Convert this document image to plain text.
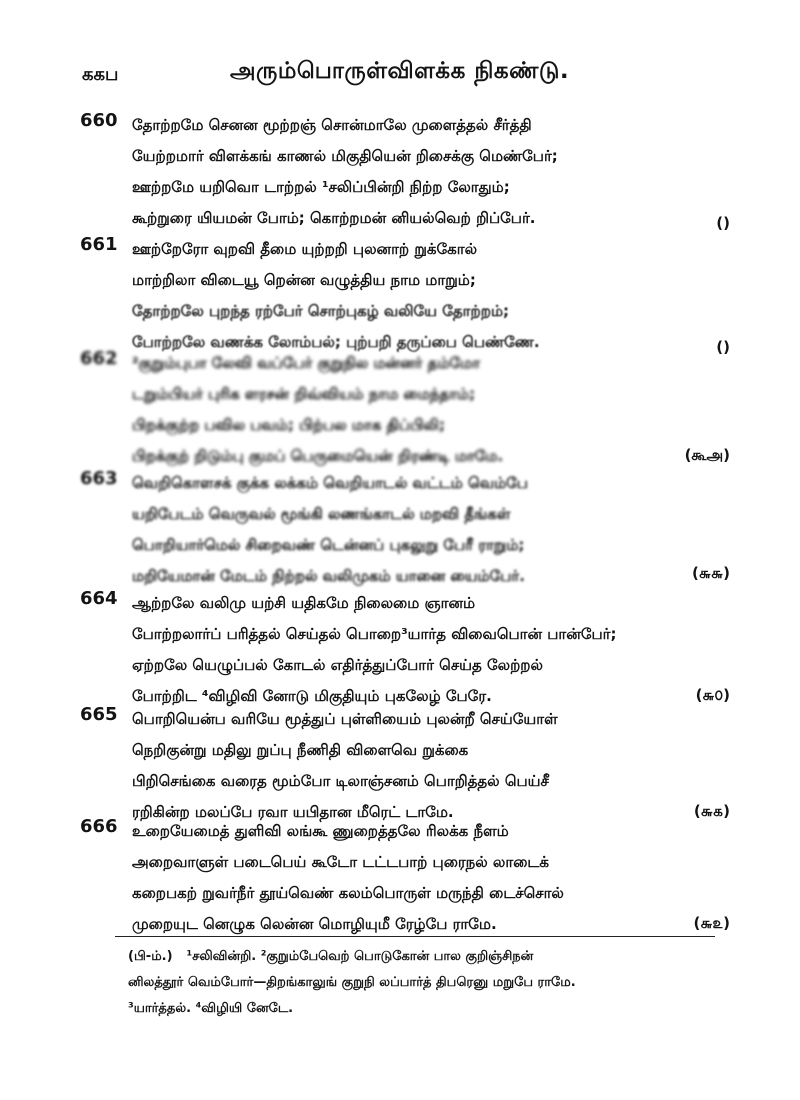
ககப	அரும்பொருள்விளக்க நிகண்டு.
660 தோற்றமே செனன மூற்றஞ் சொன்மாலே முளைத்தல் சீர்த்தி
யேற்றமார் விளக்கங் காணல் மிகுதியென் றிசைக்கு மெண்பேர்;
ஊற்றமே யறிவொ டாற்றல் ¹சலிப்பின்றி நிற்ற லோதும்;
கூற்றுரை யியமன் போம்; கொற்றமன் னியல்வெற் றிப்பேர்.	()
661 ஊற்றேரோ வுறவி தீமை யுற்றறி புலனாற் றுக்கோல்
மாற்றிலா விடையூ றென்ன வழுத்திய நாம மாறும்;
தோற்றலே புறந்த ரற்பேர் சொற்புகழ் வலியே தோற்றம்;
போற்றலே வணக்க லோம்பல்; புற்பறி தருப்பை பெண்ணே.	()
662 ²குறும்புபா லேவி வப்பேர் குறுநில மன்னர் தம்மோ
டறும்பியர் புரிக ளரசன் றிவ்வியம் நாம மைந்தாம்;
பிறக்குற்ற பவில பவம்; பிற்பல மாக திப்பிலி;
பிறக்குற் றிடும்பு குமப் பெருமையென் றிரண்டி மாமே.	(கூஅ)
663 வெறிகொளசக் குக்க லக்கம் வெறியாடல் வட்டம் வெம்பே
யறிபேடம் வெருவல் மூங்கி லணங்காடல் மறவி தீங்கள்
பொறியார்மெல் சிறைவண் டென்னப் புகலுறு பேரீ ராறும்;
மறியேமான் மேடம் நிற்றல் வலிமுகம் யானை யைம்பேர்.	(௬௬)
664 ஆற்றலே வலிமு யற்சி யதிகமே நிலைமை ஞானம்
போற்றலார்ப் பரித்தல் செய்தல் பொறை³யார்த விவைபொன் பான்பேர்;
ஏற்றலே யெழுப்பல் கோடல் எதிர்த்துப்போர் செய்த லேற்றல்
போற்றிட ⁴விழிவி னோடு மிகுதியும் புகலேழ் பேரே.	(௬௦)
665 பொறியென்ப வரியே மூத்துப் புள்ளியைம் புலன்றீ செய்யோள்
நெறிகுன்று மதிலு றுப்பு நீணிதி விளைவெ றுக்கை
பிறிசெங்கை வரைத மூம்போ டிலாஞ்சனம் பொறித்தல் பெய்சீ
ரறிகின்ற மலப்பே ரவா யபிதான மீரெட் டாமே.	(௬௧)
666 உறையேமைத் துளிவி லங்கூ ணுறைத்தலே ரிலக்க நீளம்
அறைவாளுள் படைபெய் கூடோ டட்டபாற் புரைநல் லாடைக்
கறைபகற் றுவர்நீர் தூய்வெண் கலம்பொருள் மருந்தி டைச்சொல்
முறையுட னெழுக லென்ன மொழியுமீ ரேழ்பே ராமே.	(௬௨)
(பி-ம்.) ¹சலிவின்றி. ²குறும்பேவெற் பொடுகோன் பால குறிஞ்சிநன்
னிலத்தூர் வெம்போர்—திறங்காலுங் குறுநி லப்பார்த் திபரெனு மறுபே ராமே.
³யார்த்தல். ⁴விழியி னேடே.
